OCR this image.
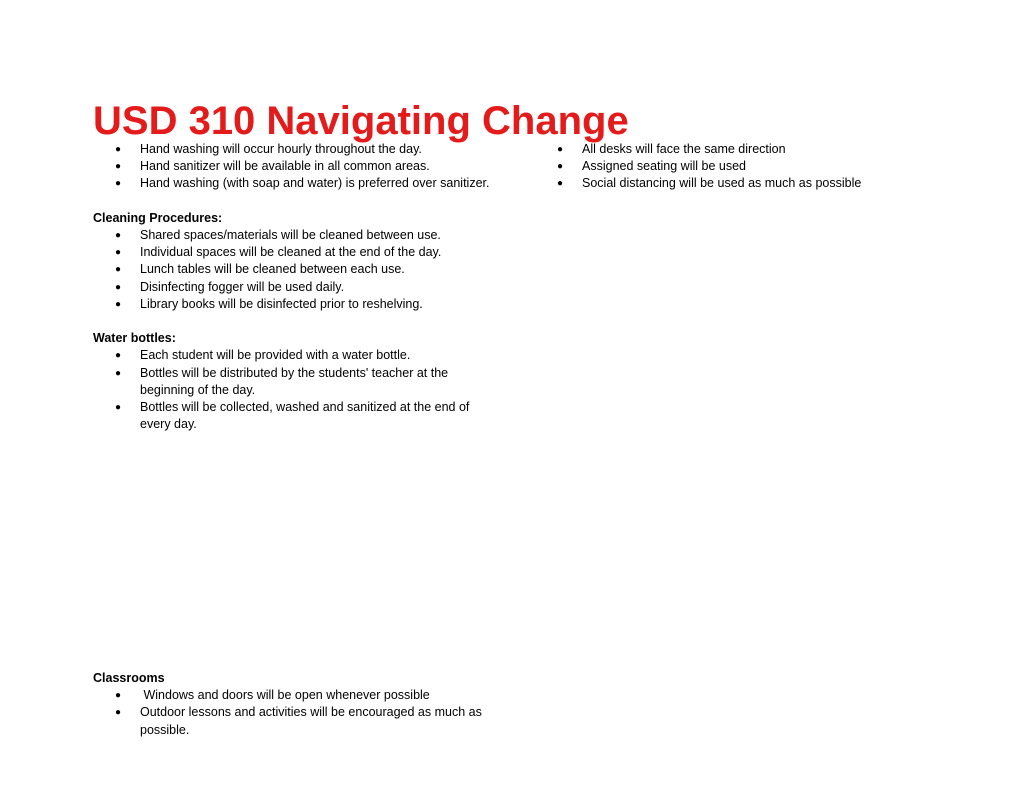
USD 310 Navigating Change
● Hand washing will occur hourly throughout the day.
● Hand sanitizer will be available in all common areas.
● Hand washing (with soap and water) is preferred over sanitizer.

Cleaning Procedures:

● Shared spaces/materials will be cleaned between use.
● Individual spaces will be cleaned at the end of the day.
● Lunch tables will be cleaned between each use.
● Disinfecting fogger will be used daily.
● Library books will be disinfected prior to reshelving.

Water bottles:

● Each student will be provided with a water bottle.
● Bottles will be distributed by the students' teacher at the beginning of the day.
● Bottles will be collected, washed and sanitized at the end of every day.

Classrooms

● Windows and doors will be open whenever possible
● Outdoor lessons and activities will be encouraged as much as possible.
● All desks will face the same direction
● Assigned seating will be used
● Social distancing will be used as much as possible
